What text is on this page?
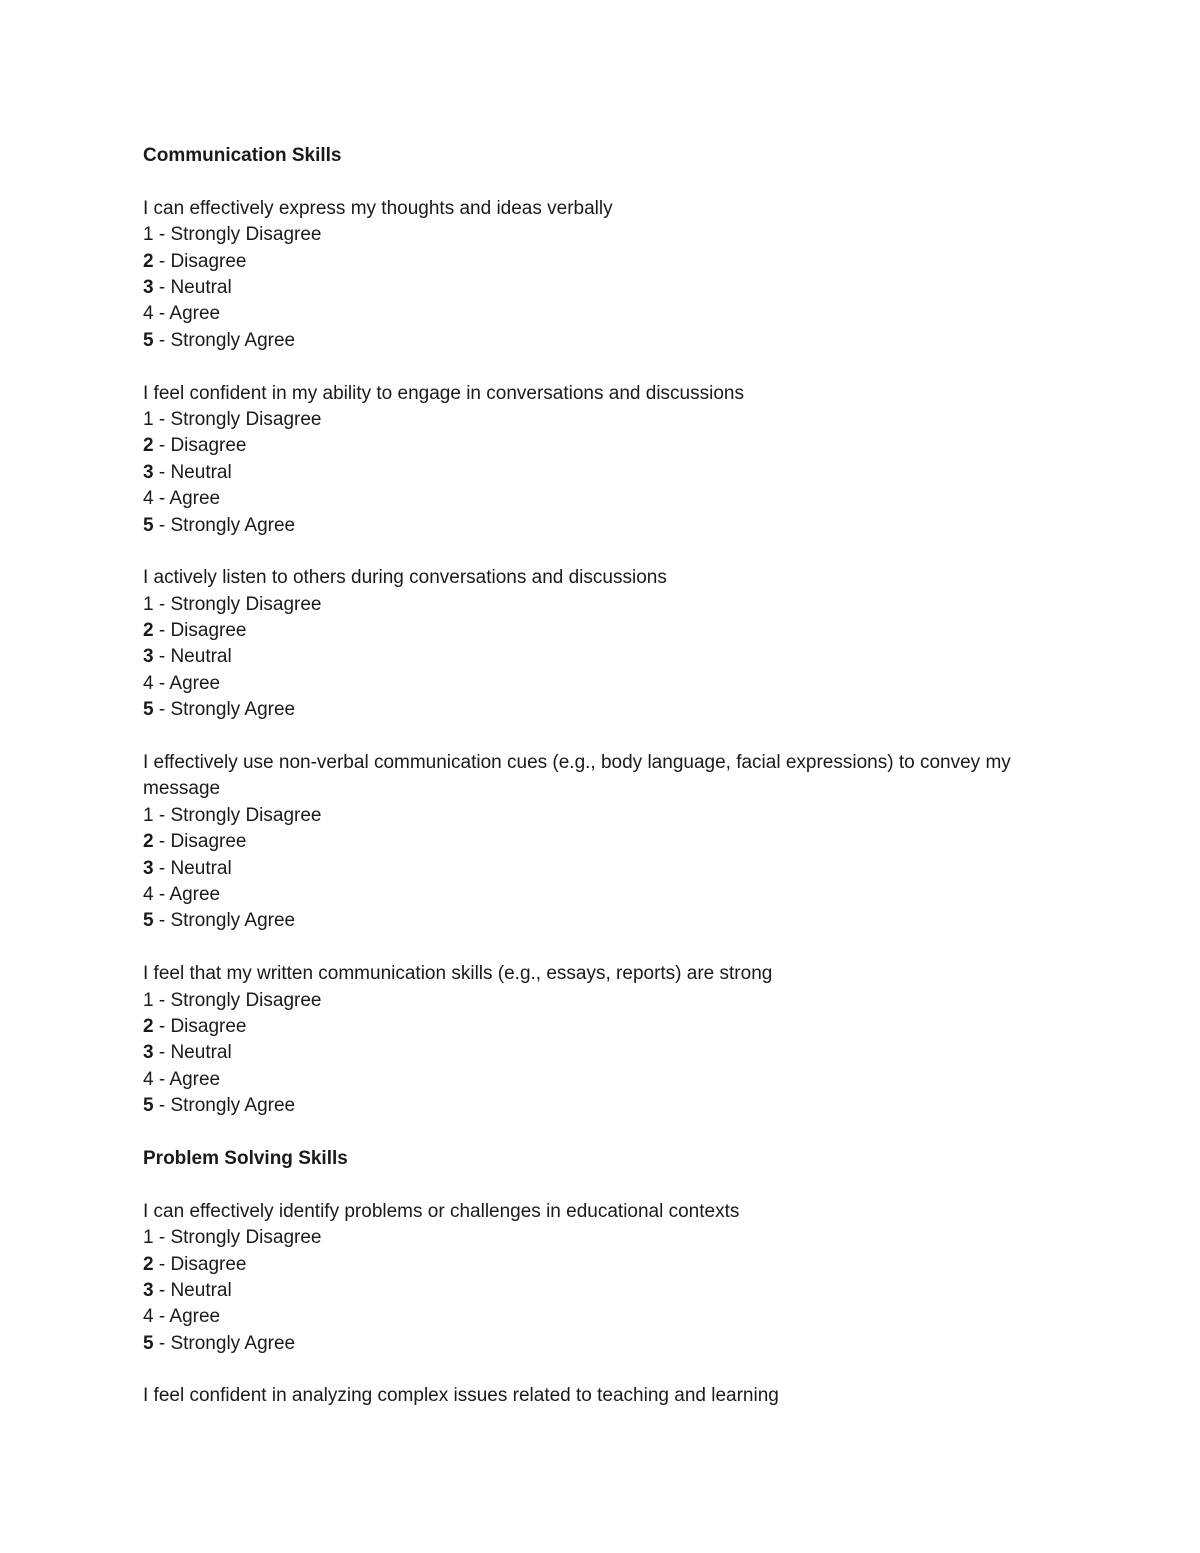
Communication Skills

I can effectively express my thoughts and ideas verbally

1 - Strongly Disagree
2 - Disagree
3 - Neutral
4 - Agree
5 - Strongly Agree

I feel confident in my ability to engage in conversations and discussions

1 - Strongly Disagree
2 - Disagree
3 - Neutral
4 - Agree
5 - Strongly Agree

I actively listen to others during conversations and discussions

1 - Strongly Disagree
2 - Disagree
3 - Neutral
4 - Agree
5 - Strongly Agree

I effectively use non-verbal communication cues (e.g., body language, facial expressions) to convey my message

1 - Strongly Disagree
2 - Disagree
3 - Neutral
4 - Agree
5 - Strongly Agree

I feel that my written communication skills (e.g., essays, reports) are strong

1 - Strongly Disagree
2 - Disagree
3 - Neutral
4 - Agree
5 - Strongly Agree
Problem Solving Skills

I can effectively identify problems or challenges in educational contexts

1 - Strongly Disagree
2 - Disagree
3 - Neutral
4 - Agree
5 - Strongly Agree

I feel confident in analyzing complex issues related to teaching and learning
